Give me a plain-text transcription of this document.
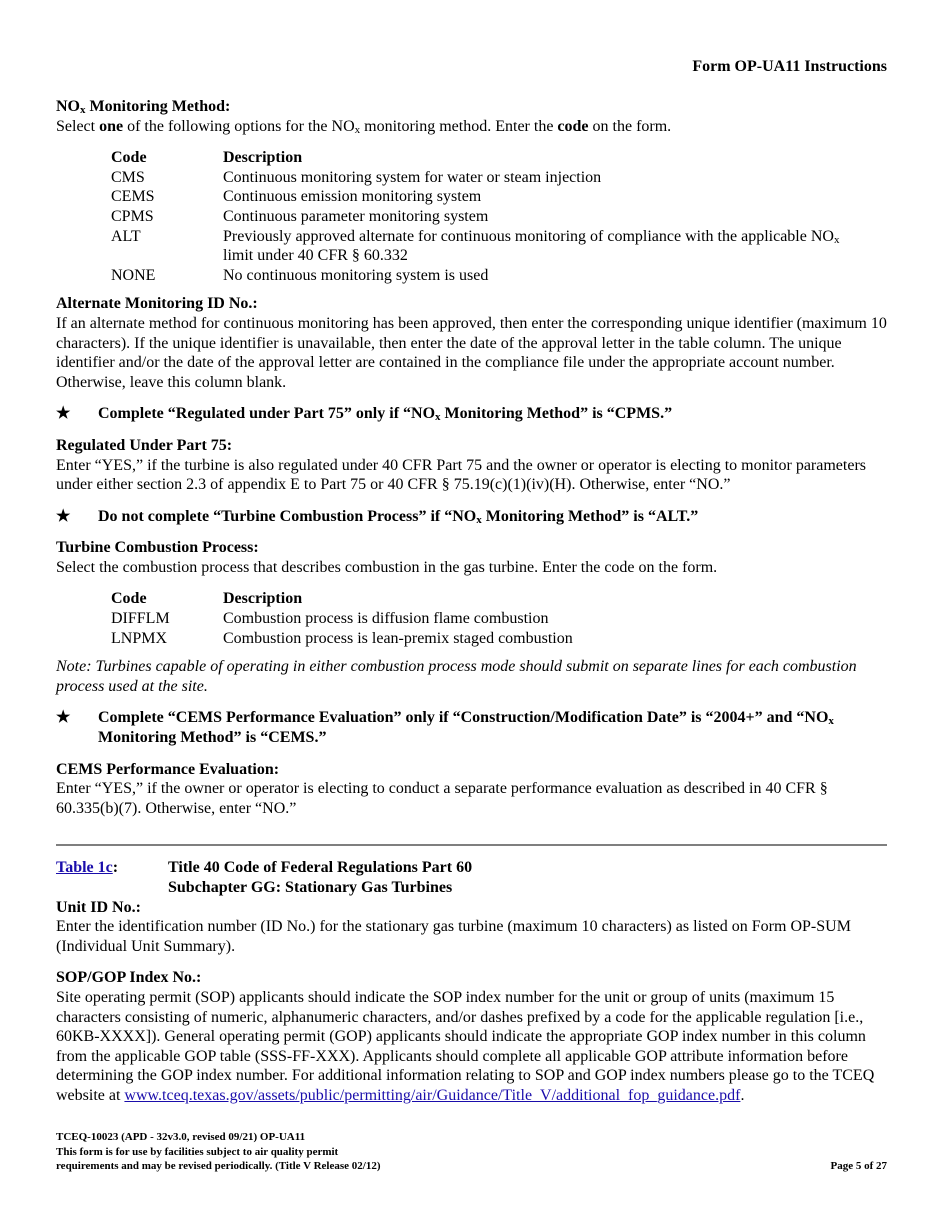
Form OP-UA11 Instructions
$NO_x$ Monitoring Method:

Select one of the following options for the $NO_x$ monitoring method. Enter the code on the form.

Code	Description
CMS	Continuous monitoring system for water or steam injection
CEMS	Continuous emission monitoring system
CPMS	Continuous parameter monitoring system
ALT	Previously approved alternate for continuous monitoring of compliance with the applicable $NO_x$
limit under 40 CFR § 60.332
NONE	No continuous monitoring system is used
Alternate Monitoring ID No.:

If an alternate method for continuous monitoring has been approved, then enter the corresponding unique identifier (maximum 10 characters). If the unique identifier is unavailable, then enter the date of the approval letter in the table column. The unique identifier and/or the date of the approval letter are contained in the compliance file under the appropriate account number. Otherwise, leave this column blank.

★ Complete “Regulated under Part 75” only if “$NO_x$ Monitoring Method” is “CPMS.”
Regulated Under Part 75:

Enter “YES,” if the turbine is also regulated under 40 CFR Part 75 and the owner or operator is electing to monitor parameters under either section 2.3 of appendix E to Part 75 or 40 CFR § 75.19(c)(1)(iv)(H). Otherwise, enter “NO.”

★ Do not complete “Turbine Combustion Process” if “$NO_x$ Monitoring Method” is “ALT.”
Turbine Combustion Process:

Select the combustion process that describes combustion in the gas turbine. Enter the code on the form.

Code	Description
DIFFLM	Combustion process is diffusion flame combustion
LNPMX	Combustion process is lean-premix staged combustion

Note: Turbines capable of operating in either combustion process mode should submit on separate lines for each combustion process used at the site.

★ Complete “CEMS Performance Evaluation” only if “Construction/Modification Date” is “2004+” and “$NO_x$ Monitoring Method” is “CEMS.”
CEMS Performance Evaluation:

Enter “YES,” if the owner or operator is electing to conduct a separate performance evaluation as described in 40 CFR § 60.335(b)(7). Otherwise, enter “NO.”

Table 1c:	Title 40 Code of Federal Regulations Part 60
Subchapter GG: Stationary Gas Turbines
Unit ID No.:

Enter the identification number (ID No.) for the stationary gas turbine (maximum 10 characters) as listed on Form OP-SUM (Individual Unit Summary).

SOP/GOP Index No.:

Site operating permit (SOP) applicants should indicate the SOP index number for the unit or group of units (maximum 15 characters consisting of numeric, alphanumeric characters, and/or dashes prefixed by a code for the applicable regulation [i.e., 60KB-XXXX]). General operating permit (GOP) applicants should indicate the appropriate GOP index number in this column from the applicable GOP table (SSS-FF-XXX). Applicants should complete all applicable GOP attribute information before determining the GOP index number. For additional information relating to SOP and GOP index numbers please go to the TCEQ website at www.tceq.texas.gov/assets/public/permitting/air/Guidance/Title_V/additional_fop_guidance.pdf.

TCEQ-10023 (APD - 32v3.0, revised 09/21) OP-UA11
This form is for use by facilities subject to air quality permit
requirements and may be revised periodically. (Title V Release 02/12)	Page 5 of 27
